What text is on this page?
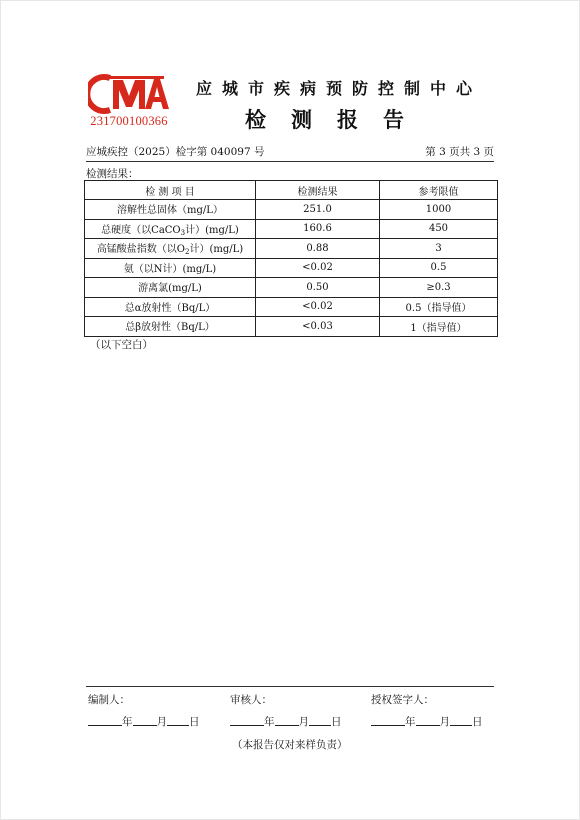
231700100366
应城市疾病预防控制中心
检测报告
应城疾控（2025）检字第 040097 号	第 3 页共 3 页
检测结果：
检 测 项 目	检测结果	参考限值
溶解性总固体（mg/L）	251.0	1000
总硬度（以CaCO$_3$计）(mg/L)	160.6	450
高锰酸盐指数（以$O_2$计）(mg/L)	0.88	3
氨（以N计）(mg/L)	<0.02	0.5
游离氯(mg/L)	0.50	≥0.3
总α放射性（Bq/L）	<0.02	0.5（指导值）
总β放射性（Bq/L）	<0.03	1（指导值）
（以下空白）
编制人：	审核人：	授权签字人：
年 月 日	年 月 日	年 月 日
（本报告仅对来样负责）
